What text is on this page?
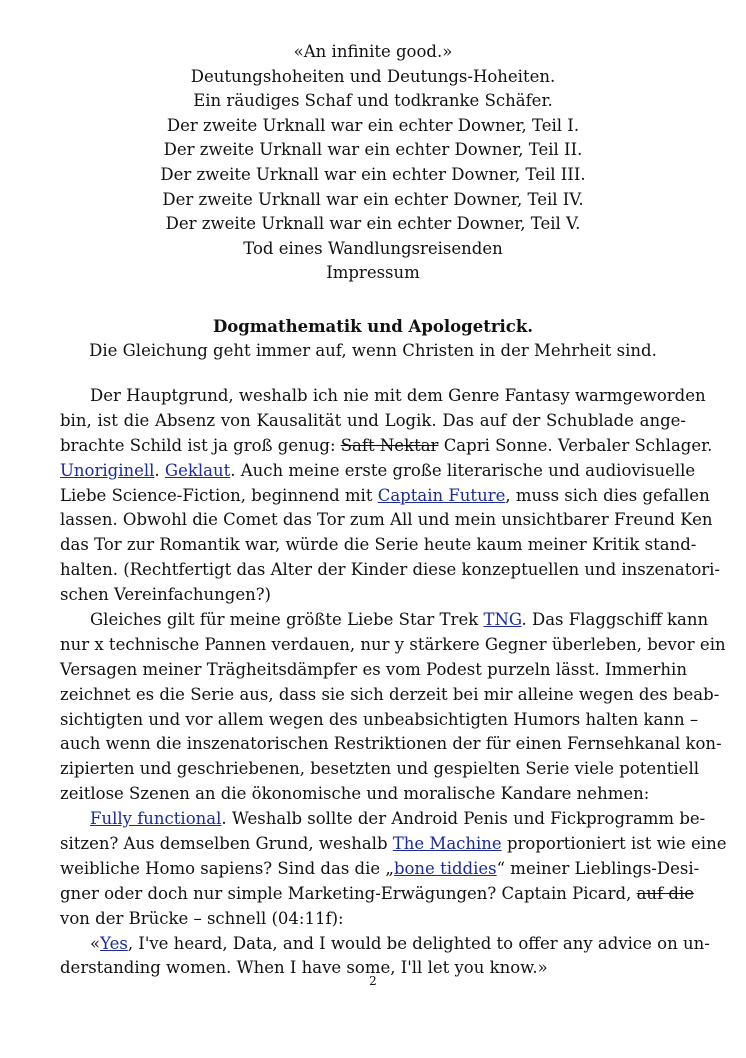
«An infinite good.»
Deutungshoheiten und Deutungs-Hoheiten.
Ein räudiges Schaf und todkranke Schäfer.
Der zweite Urknall war ein echter Downer, Teil I.
Der zweite Urknall war ein echter Downer, Teil II.
Der zweite Urknall war ein echter Downer, Teil III.
Der zweite Urknall war ein echter Downer, Teil IV.
Der zweite Urknall war ein echter Downer, Teil V.
Tod eines Wandlungsreisenden
Impressum
Dogmathematik und Apologetrick.
Die Gleichung geht immer auf, wenn Christen in der Mehrheit sind.
Der Hauptgrund, weshalb ich nie mit dem Genre Fantasy warmgeworden
bin, ist die Absenz von Kausalität und Logik. Das auf der Schublade ange-
brachte Schild ist ja groß genug: Saft Nektar Capri Sonne. Verbaler Schlager.
Unoriginell. Geklaut. Auch meine erste große literarische und audiovisuelle
Liebe Science-Fiction, beginnend mit Captain Future, muss sich dies gefallen
lassen. Obwohl die Comet das Tor zum All und mein unsichtbarer Freund Ken
das Tor zur Romantik war, würde die Serie heute kaum meiner Kritik stand-
halten. (Rechtfertigt das Alter der Kinder diese konzeptuellen und inszenatori-
schen Vereinfachungen?)
Gleiches gilt für meine größte Liebe Star Trek TNG. Das Flaggschiff kann
nur x technische Pannen verdauen, nur y stärkere Gegner überleben, bevor ein
Versagen meiner Trägheitsdämpfer es vom Podest purzeln lässt. Immerhin
zeichnet es die Serie aus, dass sie sich derzeit bei mir alleine wegen des beab-
sichtigten und vor allem wegen des unbeabsichtigten Humors halten kann –
auch wenn die inszenatorischen Restriktionen der für einen Fernsehkanal kon-
zipierten und geschriebenen, besetzten und gespielten Serie viele potentiell
zeitlose Szenen an die ökonomische und moralische Kandare nehmen:
Fully functional. Weshalb sollte der Android Penis und Fickprogramm be-
sitzen? Aus demselben Grund, weshalb The Machine proportioniert ist wie eine
weibliche Homo sapiens? Sind das die „bone tiddies“ meiner Lieblings-Desi-
gner oder doch nur simple Marketing-Erwägungen? Captain Picard, auf die
von der Brücke – schnell (04:11f):
«Yes, I've heard, Data, and I would be delighted to offer any advice on un-
derstanding women. When I have some, I'll let you know.»
2
